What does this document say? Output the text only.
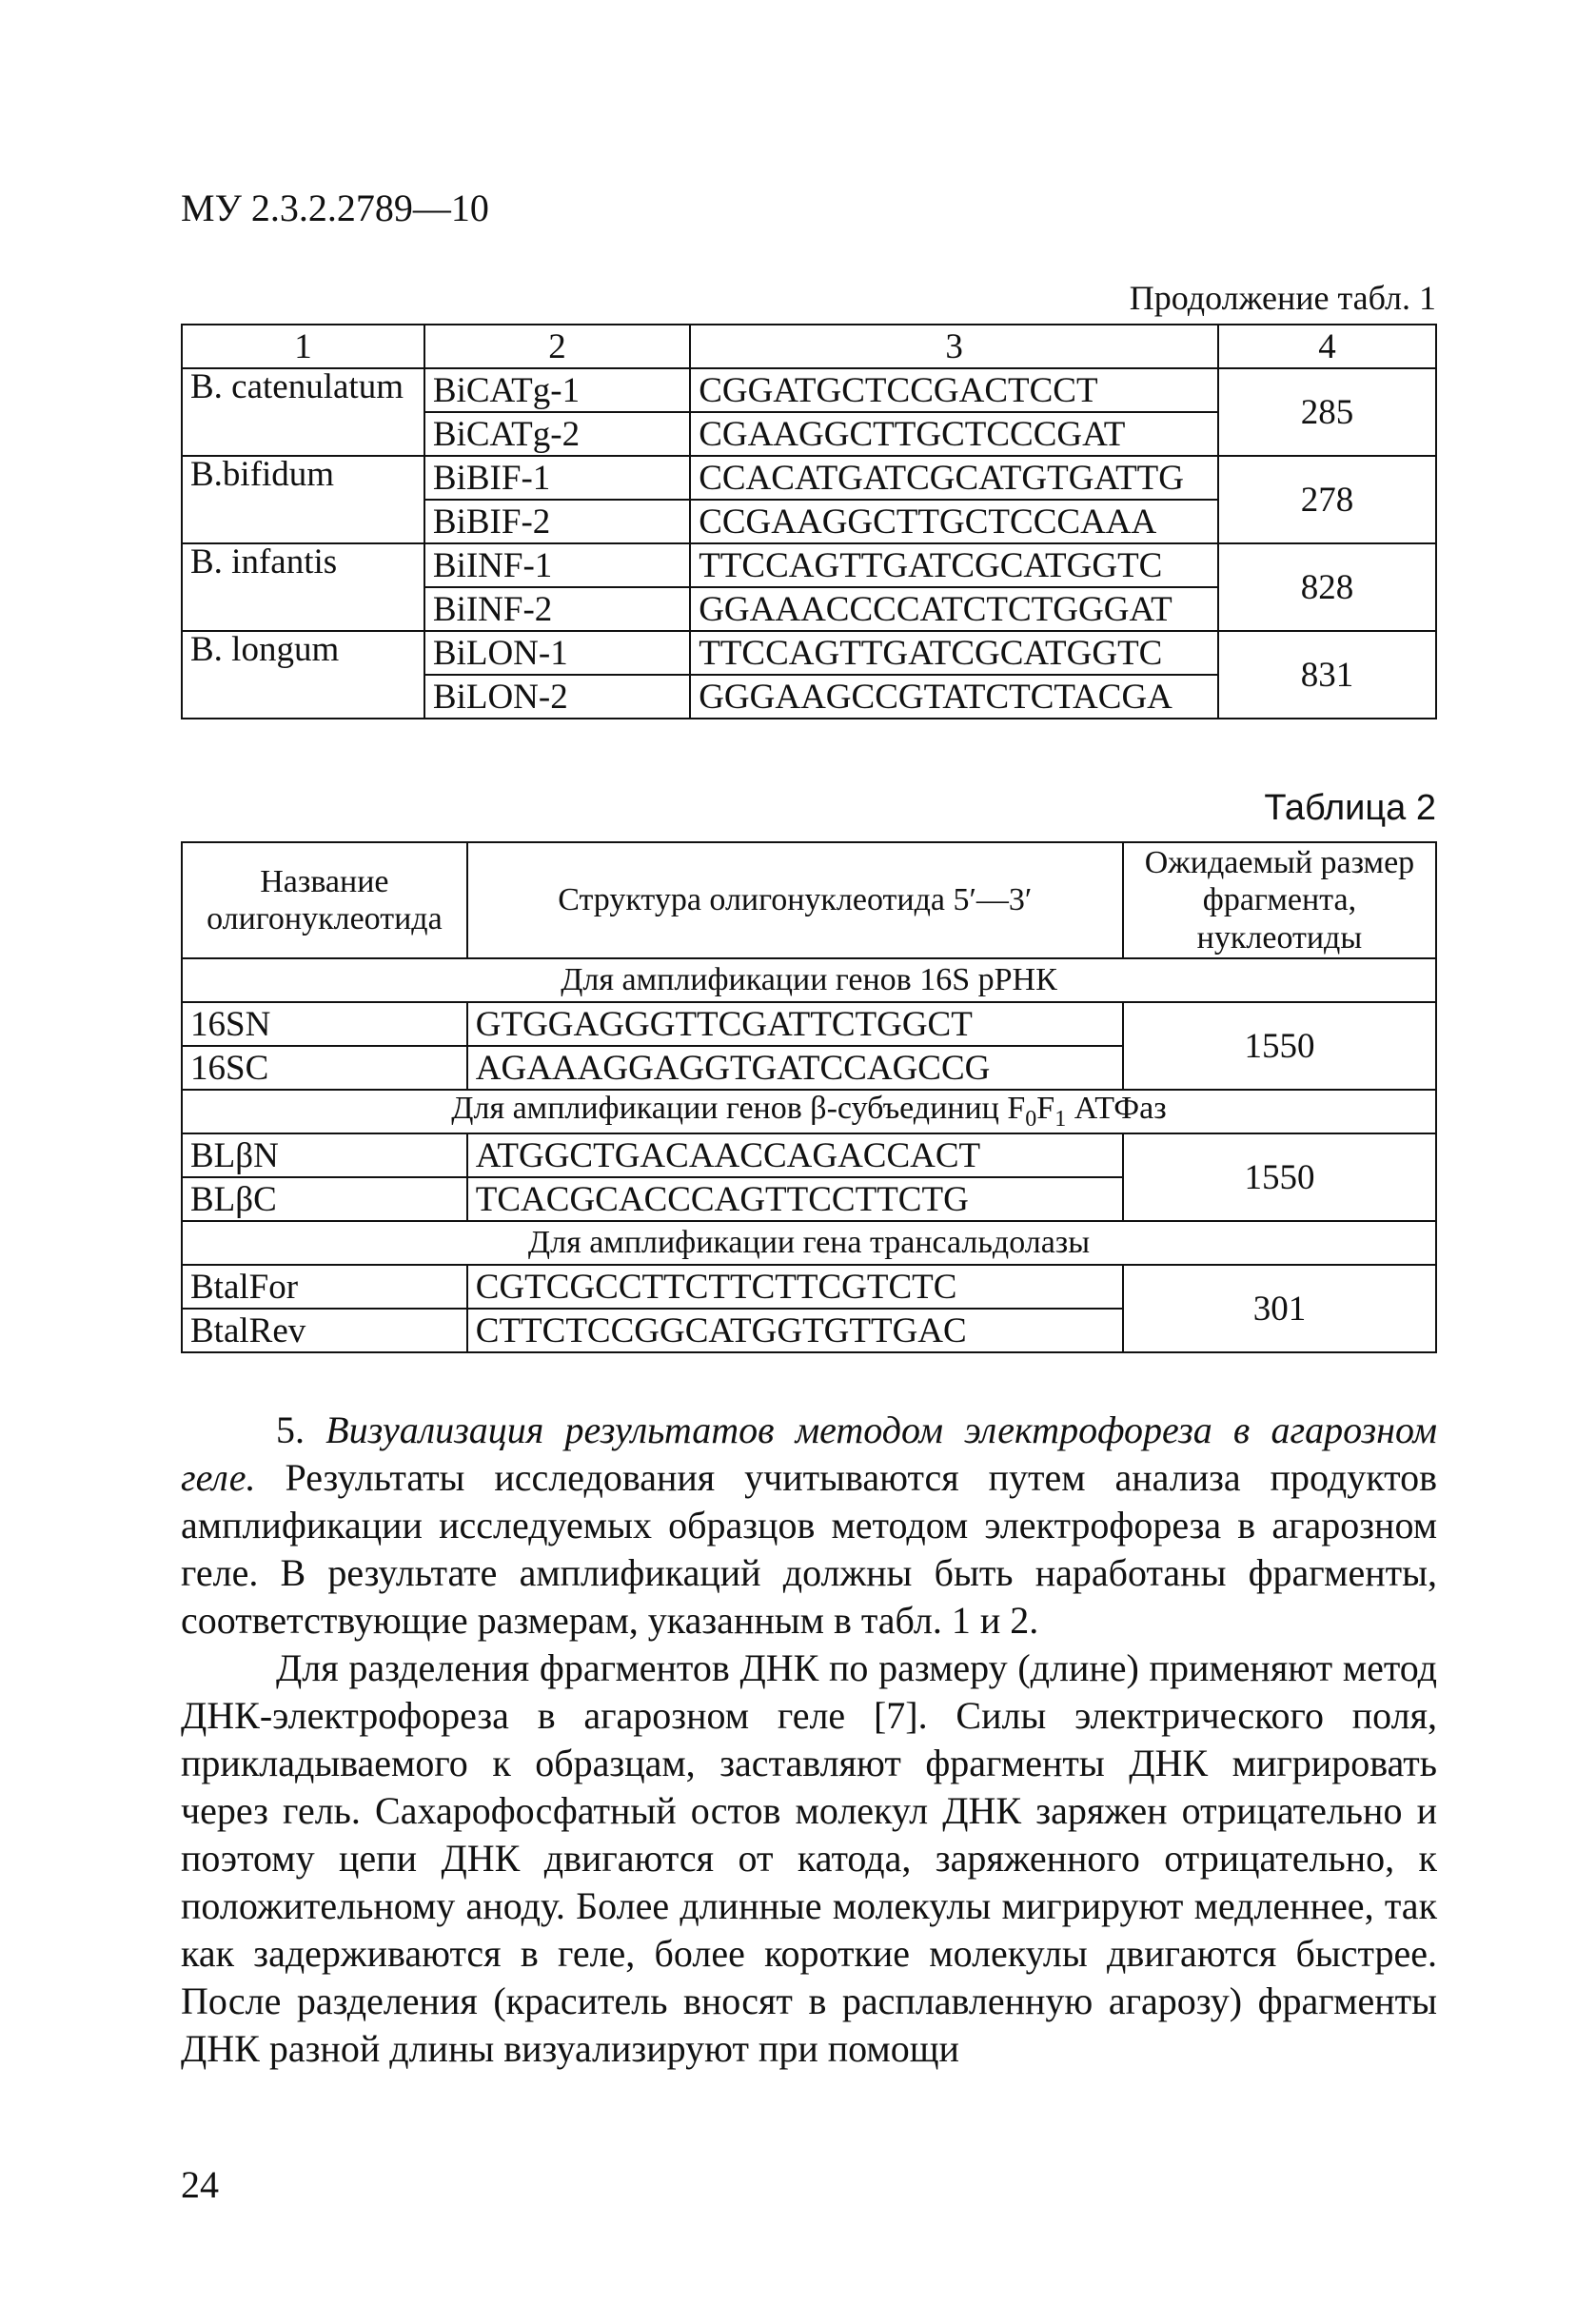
МУ 2.3.2.2789—10
Продолжение табл. 1
1	2	3	4
B. catenulatum	BiCATg-1	CGGATGCTCCGACTCCT	285
	BiCATg-2	CGAAGGCTTGCTCCCGAT	
B.bifidum	BiBIF-1	CCACATGATCGCATGTGATTG	278
	BiBIF-2	CCGAAGGCTTGCTCCCAAA	
B. infantis	BiINF-1	TTCCAGTTGATCGCATGGTC	828
	BiINF-2	GGAAACCCCATCTCTGGGAT	
B. longum	BiLON-1	TTCCAGTTGATCGCATGGTC	831
	BiLON-2	GGGAAGCCGTATCTCTACGA	
Таблица 2
Название олигонуклеотида	Структура олигонуклеотида 5′—3′	Ожидаемый размер фрагмента, нуклеотиды
Для амплификации генов 16S рРНК		
16SN	GTGGAGGGTTCGATTCTGGCT	1550
16SC	AGAAAGGAGGTGATCCAGCCG	
Для амплификации генов β-субъединиц $F_0F_1$ АТФаз		
BLβN	ATGGCTGACAACCAGACCACT	1550
BLβC	TCACGCACCCAGTTCCTTCTG	
Для амплификации гена трансальдолазы		
BtalFor	CGTCGCCTTCTTCTTCGTCTC	301
BtalRev	CTTCTCCGGCATGGTGTTGAC	

5. Визуализация результатов методом электрофореза в агарозном геле. Результаты исследования учитываются путем анализа продуктов амплификации исследуемых образцов методом электрофореза в агарозном геле. В результате амплификаций должны быть наработаны фрагменты, соответствующие размерам, указанным в табл. 1 и 2.

Для разделения фрагментов ДНК по размеру (длине) применяют метод ДНК-электрофореза в агарозном геле [7]. Силы электрического поля, прикладываемого к образцам, заставляют фрагменты ДНК мигрировать через гель. Сахарофосфатный остов молекул ДНК заряжен отрицательно и поэтому цепи ДНК двигаются от катода, заряженного отрицательно, к положительному аноду. Более длинные молекулы мигрируют медленнее, так как задерживаются в геле, более короткие молекулы двигаются быстрее. После разделения (краситель вносят в расплавленную агарозу) фрагменты ДНК разной длины визуализируют при помощи

24
